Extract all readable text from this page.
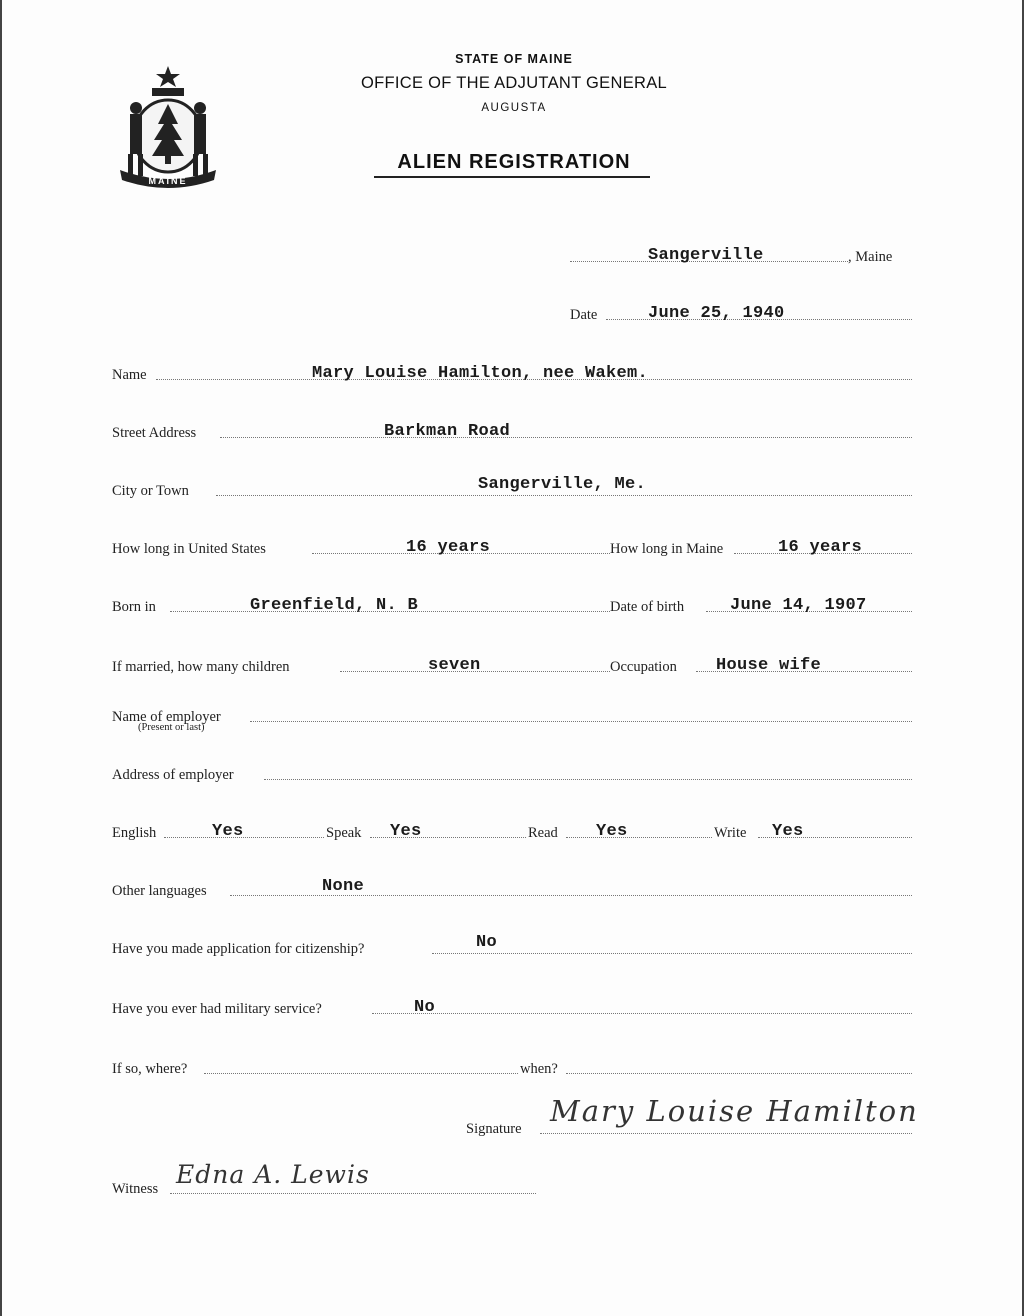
MAINE
STATE OF MAINE
OFFICE OF THE ADJUTANT GENERAL
AUGUSTA
ALIEN REGISTRATION
Sangerville	, Maine
Date	June 25, 1940
Name	Mary Louise Hamilton, nee Wakem.
Street Address	Barkman Road
City or Town	Sangerville, Me.
How long in United States	16 years	How long in Maine	16 years
Born in	Greenfield, N. B	Date of birth	June 14, 1907
If married, how many children	seven	Occupation House wife
Name of employer
(Present or last)
Address of employer
English	Yes	Speak Yes	Read Yes	Write Yes
Other languages	None
Have you made application for citizenship?	No
Have you ever had military service?	No
If so, where?	when?
Signature
Mary Louise Hamilton
Witness Edna A. Lewis
